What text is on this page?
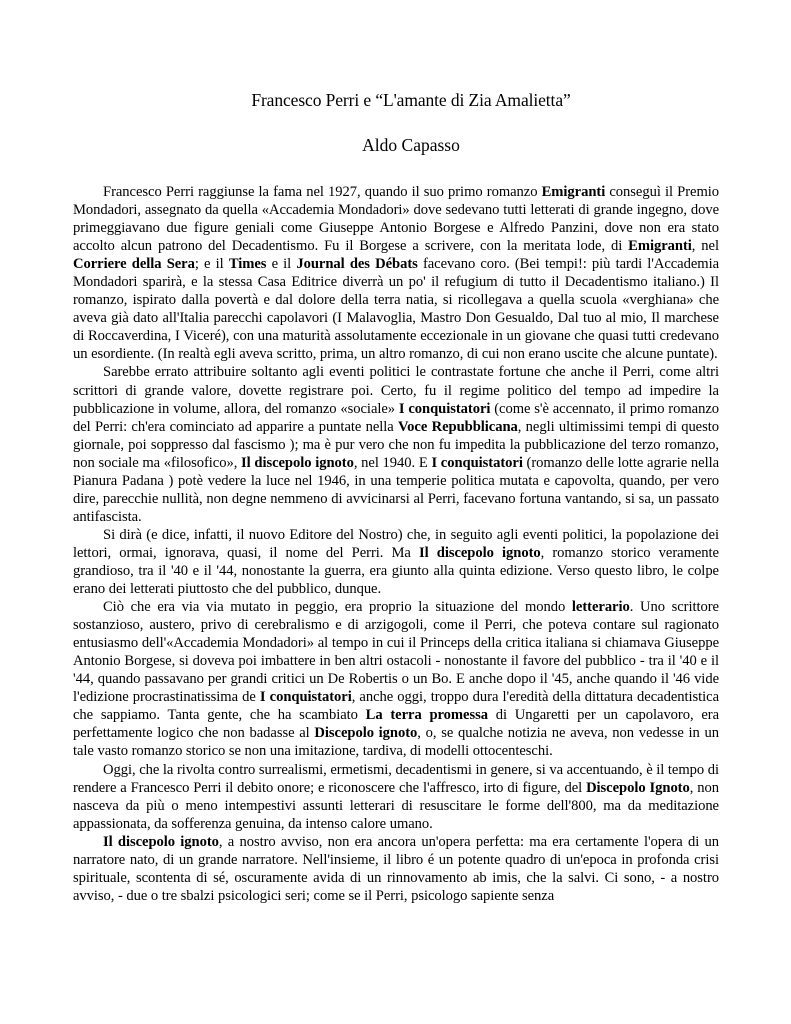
Francesco Perri e “L'amante di Zia Amalietta”
Aldo Capasso

Francesco Perri raggiunse la fama nel 1927, quando il suo primo romanzo Emigranti conseguì il Premio Mondadori, assegnato da quella «Accademia Mondadori» dove sedevano tutti letterati di grande ingegno, dove primeggiavano due figure geniali come Giuseppe Antonio Borgese e Alfredo Panzini, dove non era stato accolto alcun patrono del Decadentismo. Fu il Borgese a scrivere, con la meritata lode, di Emigranti, nel Corriere della Sera; e il Times e il Journal des Débats facevano coro. (Bei tempi!: più tardi l'Accademia Mondadori sparirà, e la stessa Casa Editrice diverrà un po' il refugium di tutto il Decadentismo italiano.) Il romanzo, ispirato dalla povertà e dal dolore della terra natia, si ricollegava a quella scuola «verghiana» che aveva già dato all'Italia parecchi capolavori (I Malavoglia, Mastro Don Gesualdo, Dal tuo al mio, Il marchese di Roccaverdina, I Viceré), con una maturità assolutamente eccezionale in un giovane che quasi tutti credevano un esordiente. (In realtà egli aveva scritto, prima, un altro romanzo, di cui non erano uscite che alcune puntate).

Sarebbe errato attribuire soltanto agli eventi politici le contrastate fortune che anche il Perri, come altri scrittori di grande valore, dovette registrare poi. Certo, fu il regime politico del tempo ad impedire la pubblicazione in volume, allora, del romanzo «sociale» I conquistatori (come s'è accennato, il primo romanzo del Perri: ch'era cominciato ad apparire a puntate nella Voce Repubblicana, negli ultimissimi tempi di questo giornale, poi soppresso dal fascismo ); ma è pur vero che non fu impedita la pubblicazione del terzo romanzo, non sociale ma «filosofico», Il discepolo ignoto, nel 1940. E I conquistatori (romanzo delle lotte agrarie nella Pianura Padana ) potè vedere la luce nel 1946, in una temperie politica mutata e capovolta, quando, per vero dire, parecchie nullità, non degne nemmeno di avvicinarsi al Perri, facevano fortuna vantando, si sa, un passato antifascista.

Si dirà (e dice, infatti, il nuovo Editore del Nostro) che, in seguito agli eventi politici, la popolazione dei lettori, ormai, ignorava, quasi, il nome del Perri. Ma Il discepolo ignoto, romanzo storico veramente grandioso, tra il '40 e il '44, nonostante la guerra, era giunto alla quinta edizione. Verso questo libro, le colpe erano dei letterati piuttosto che del pubblico, dunque.

Ciò che era via via mutato in peggio, era proprio la situazione del mondo letterario. Uno scrittore sostanzioso, austero, privo di cerebralismo e di arzigogoli, come il Perri, che poteva contare sul ragionato entusiasmo dell'«Accademia Mondadori» al tempo in cui il Princeps della critica italiana si chiamava Giuseppe Antonio Borgese, si doveva poi imbattere in ben altri ostacoli - nonostante il favore del pubblico - tra il '40 e il '44, quando passavano per grandi critici un De Robertis o un Bo. E anche dopo il '45, anche quando il '46 vide l'edizione procrastinatissima de I conquistatori, anche oggi, troppo dura l'eredità della dittatura decadentistica che sappiamo. Tanta gente, che ha scambiato La terra promessa di Ungaretti per un capolavoro, era perfettamente logico che non badasse al Discepolo ignoto, o, se qualche notizia ne aveva, non vedesse in un tale vasto romanzo storico se non una imitazione, tardiva, di modelli ottocenteschi.

Oggi, che la rivolta contro surrealismi, ermetismi, decadentismi in genere, si va accentuando, è il tempo di rendere a Francesco Perri il debito onore; e riconoscere che l'affresco, irto di figure, del Discepolo Ignoto, non nasceva da più o meno intempestivi assunti letterari di resuscitare le forme dell'800, ma da meditazione appassionata, da sofferenza genuina, da intenso calore umano.

Il discepolo ignoto, a nostro avviso, non era ancora un'opera perfetta: ma era certamente l'opera di un narratore nato, di un grande narratore. Nell'insieme, il libro é un potente quadro di un'epoca in profonda crisi spirituale, scontenta di sé, oscuramente avida di un rinnovamento ab imis, che la salvi. Ci sono, - a nostro avviso, - due o tre sbalzi psicologici seri; come se il Perri, psicologo sapiente senza
